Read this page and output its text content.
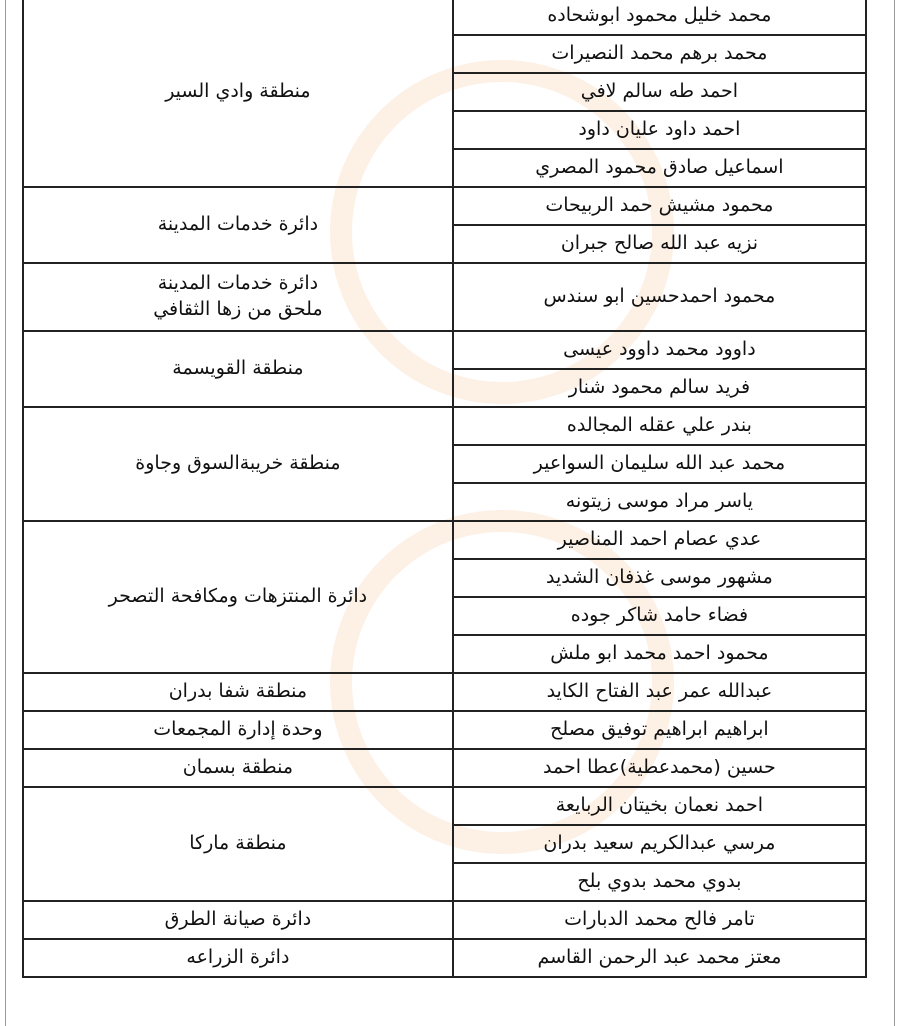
محمد خليل محمود ابوشحاده	منطقة وادي السير

محمد برهم محمد النصيرات	
احمد طه سالم لافي	
احمد داود عليان داود	
اسماعيل صادق محمود المصري	
محمود مشيش حمد الربيحات	دائرة خدمات المدينة

نزيه عبد الله صالح جبران	
محمود احمدحسين ابو سندس	دائرة خدمات المدينة
ملحق من زها الثقافي

داوود محمد داوود عيسى	منطقة القويسمة

فريد سالم محمود شنار	
بندر علي عقله المجالده	منطقة خريبةالسوق وجاوة

محمد عبد الله سليمان السواعير	
ياسر مراد موسى زيتونه	
عدي عصام احمد المناصير	دائرة المنتزهات ومكافحة التصحر

مشهور موسى غذفان الشديد	
فضاء حامد شاكر جوده	
محمود احمد محمد ابو ملش	
عبدالله عمر عبد الفتاح الكايد	منطقة شفا بدران

ابراهيم ابراهيم توفيق مصلح	وحدة إدارة المجمعات

حسين (محمدعطية)عطا احمد	منطقة بسمان

احمد نعمان بخيتان الربايعة	منطقة ماركا

مرسي عبدالكريم سعيد بدران	
بدوي محمد بدوي بلح	
تامر فالح محمد الدبارات	دائرة صيانة الطرق

معتز محمد عبد الرحمن القاسم	دائرة الزراعه
